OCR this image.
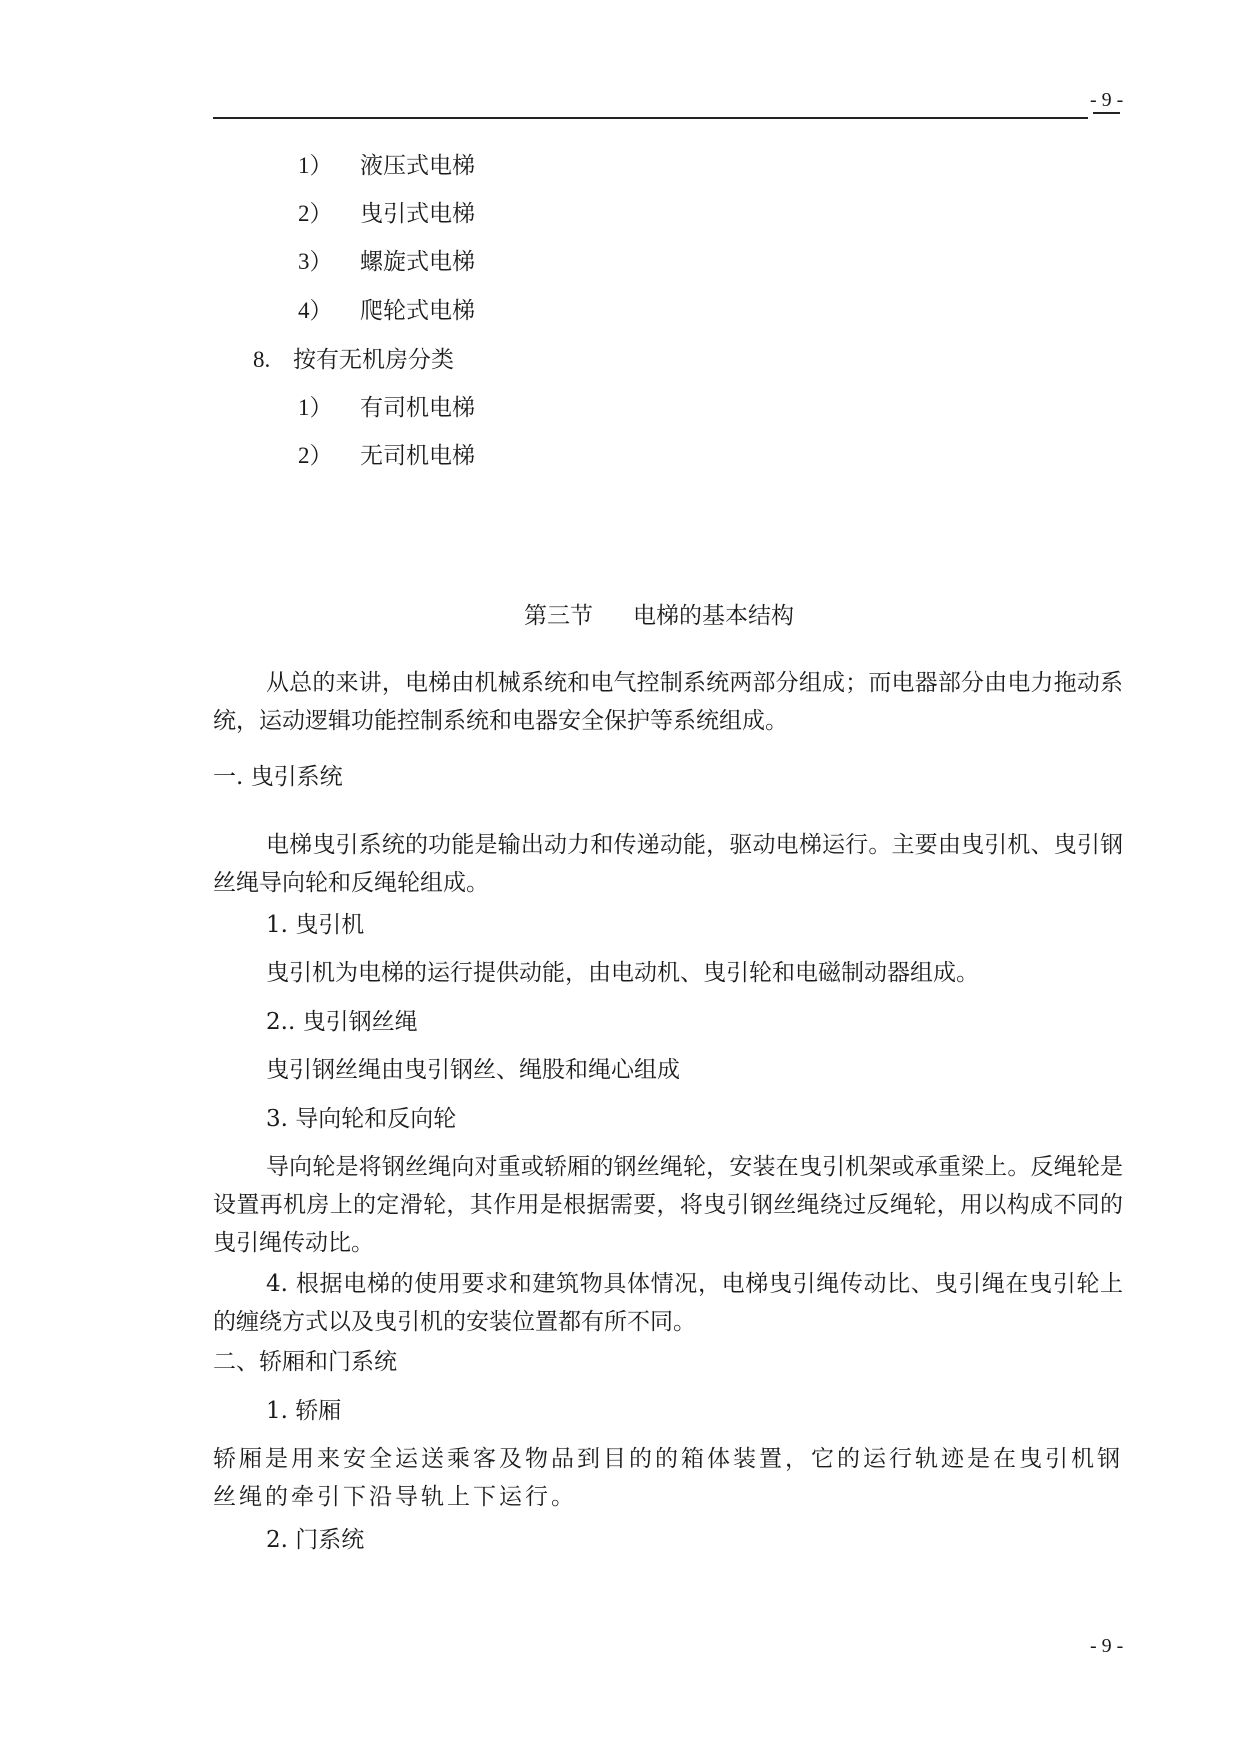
- 9 -
1） 液压式电梯
2） 曳引式电梯
3） 螺旋式电梯
4） 爬轮式电梯
8. 按有无机房分类
1） 有司机电梯
2） 无司机电梯
第三节 电梯的基本结构
从总的来讲，电梯由机械系统和电气控制系统两部分组成；而电器部分由电力拖动系统，运动逻辑功能控制系统和电器安全保护等系统组成。
一. 曳引系统
电梯曳引系统的功能是输出动力和传递动能，驱动电梯运行。主要由曳引机、曳引钢丝绳导向轮和反绳轮组成。
1. 曳引机
曳引机为电梯的运行提供动能，由电动机、曳引轮和电磁制动器组成。
2.. 曳引钢丝绳
曳引钢丝绳由曳引钢丝、绳股和绳心组成
3. 导向轮和反向轮
导向轮是将钢丝绳向对重或轿厢的钢丝绳轮，安装在曳引机架或承重梁上。反绳轮是设置再机房上的定滑轮，其作用是根据需要，将曳引钢丝绳绕过反绳轮，用以构成不同的曳引绳传动比。
4. 根据电梯的使用要求和建筑物具体情况，电梯曳引绳传动比、曳引绳在曳引轮上的缠绕方式以及曳引机的安装位置都有所不同。
二、轿厢和门系统
1. 轿厢
轿厢是用来安全运送乘客及物品到目的的箱体装置，它的运行轨迹是在曳引机钢丝绳的牵引下沿导轨上下运行。
2. 门系统
- 9 -
